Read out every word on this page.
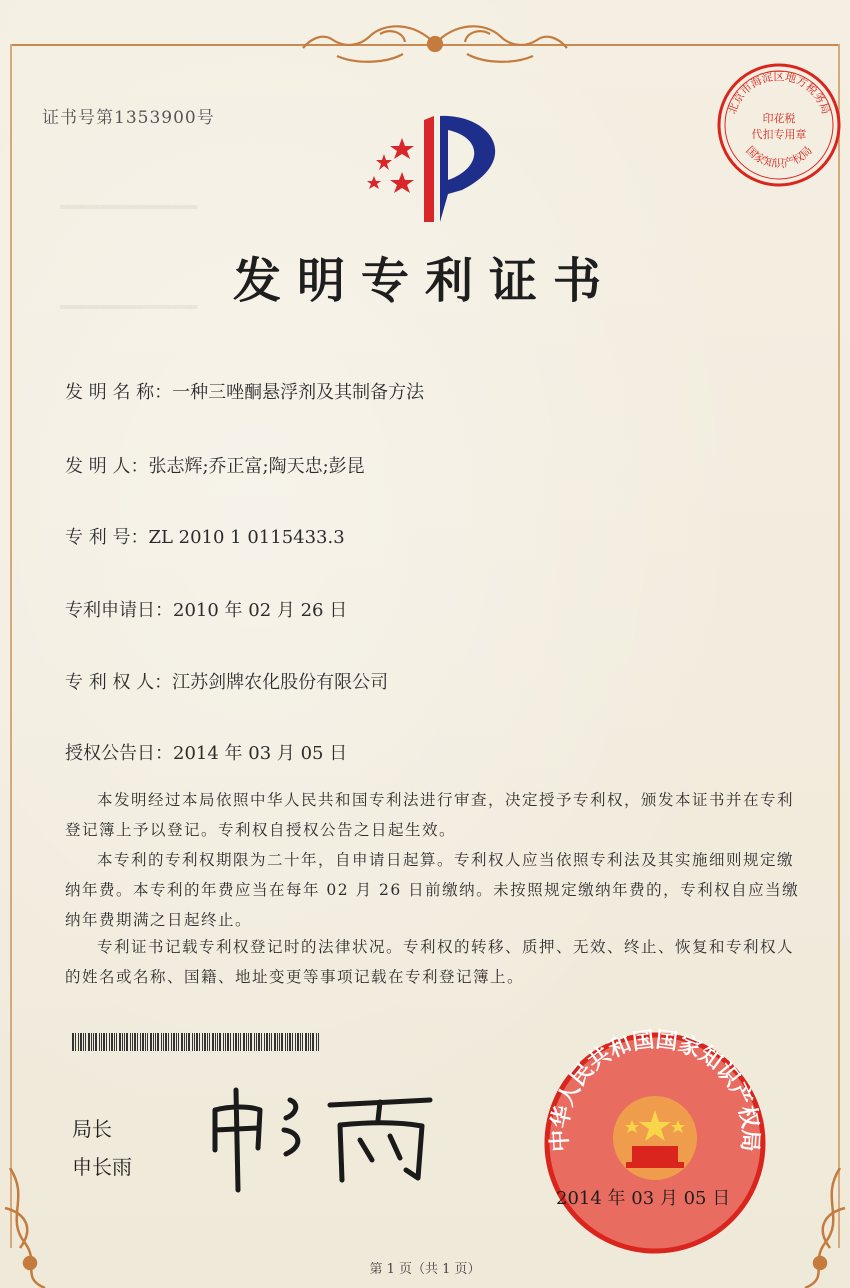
证书号第1353900号
发明专利证书
═══════════════════
═══════════════════
发 明 名 称：一种三唑酮悬浮剂及其制备方法
发 明 人：张志辉;乔正富;陶天忠;彭昆
专 利 号：ZL 2010 1 0115433.3
专利申请日：2010 年 02 月 26 日
专 利 权 人：江苏剑牌农化股份有限公司
授权公告日：2014 年 03 月 05 日
本发明经过本局依照中华人民共和国专利法进行审查，决定授予专利权，颁发本证书并在专利登记簿上予以登记。专利权自授权公告之日起生效。
本专利的专利权期限为二十年，自申请日起算。专利权人应当依照专利法及其实施细则规定缴纳年费。本专利的年费应当在每年 02 月 26 日前缴纳。未按照规定缴纳年费的，专利权自应当缴纳年费期满之日起终止。
专利证书记载专利权登记时的法律状况。专利权的转移、质押、无效、终止、恢复和专利权人的姓名或名称、国籍、地址变更等事项记载在专利登记簿上。
局长
申长雨
北京市海淀区地方税务局
国家知识产权局
印花税
代扣专用章
中华人民共和国国家知识产权局
2014 年 03 月 05 日
第 1 页（共 1 页）
